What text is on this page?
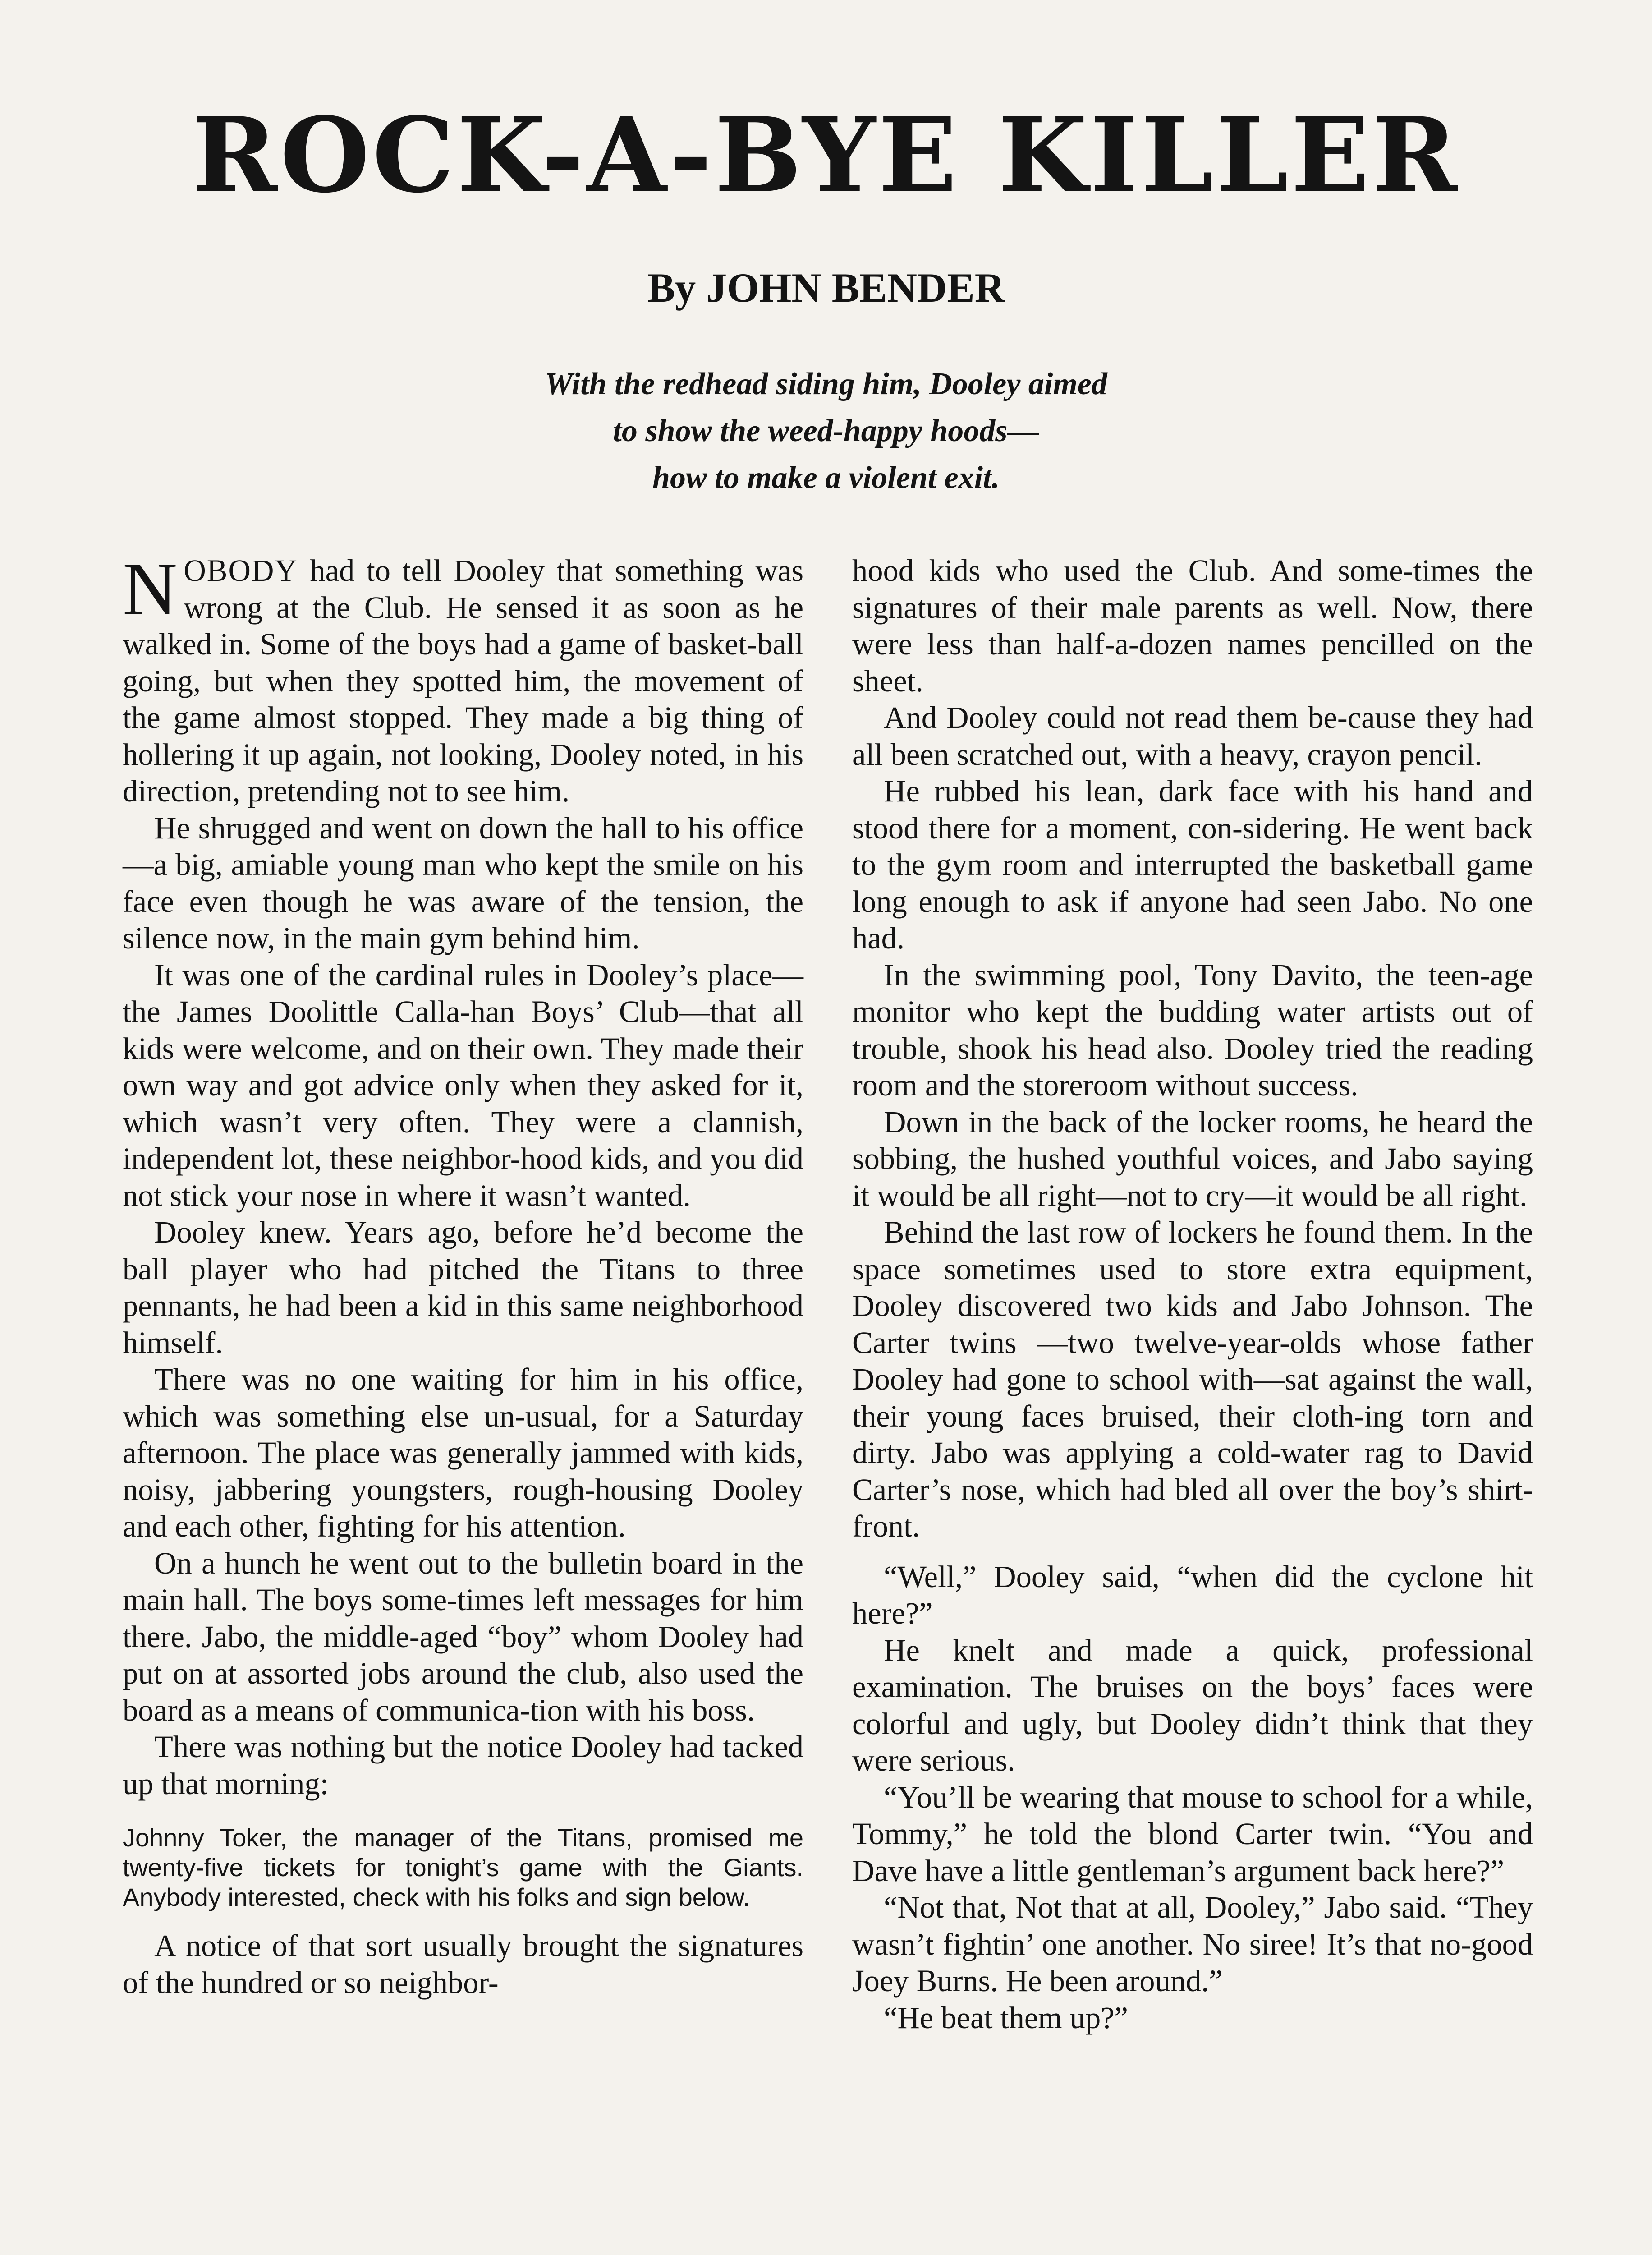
ROCK-A-BYE KILLER
By JOHN BENDER
With the redhead siding him, Dooley aimed
to show the weed-happy hoods—
how to make a violent exit.

NOBODY had to tell Dooley that something was wrong at the Club. He sensed it as soon as he walked in. Some of the boys had a game of basket-ball going, but when they spotted him, the movement of the game almost stopped. They made a big thing of hollering it up again, not looking, Dooley noted, in his direction, pretending not to see him.

He shrugged and went on down the hall to his office—a big, amiable young man who kept the smile on his face even though he was aware of the tension, the silence now, in the main gym behind him.

It was one of the cardinal rules in Dooley’s place—the James Doolittle Calla-han Boys’ Club—that all kids were welcome, and on their own. They made their own way and got advice only when they asked for it, which wasn’t very often. They were a clannish, independent lot, these neighbor-hood kids, and you did not stick your nose in where it wasn’t wanted.

Dooley knew. Years ago, before he’d become the ball player who had pitched the Titans to three pennants, he had been a kid in this same neighborhood himself.

There was no one waiting for him in his office, which was something else un-usual, for a Saturday afternoon. The place was generally jammed with kids, noisy, jabbering youngsters, rough-housing Dooley and each other, fighting for his attention.

On a hunch he went out to the bulletin board in the main hall. The boys some-times left messages for him there. Jabo, the middle-aged “boy” whom Dooley had put on at assorted jobs around the club, also used the board as a means of communica-tion with his boss.

There was nothing but the notice Dooley had tacked up that morning:

Johnny Toker, the manager of the Titans, promised me twenty-five tickets for tonight’s game with the Giants. Anybody interested, check with his folks and sign below.

A notice of that sort usually brought the signatures of the hundred or so neighbor-

hood kids who used the Club. And some-times the signatures of their male parents as well. Now, there were less than half-a-dozen names pencilled on the sheet.

And Dooley could not read them be-cause they had all been scratched out, with a heavy, crayon pencil.

He rubbed his lean, dark face with his hand and stood there for a moment, con-sidering. He went back to the gym room and interrupted the basketball game long enough to ask if anyone had seen Jabo. No one had.

In the swimming pool, Tony Davito, the teen-age monitor who kept the budding water artists out of trouble, shook his head also. Dooley tried the reading room and the storeroom without success.

Down in the back of the locker rooms, he heard the sobbing, the hushed youthful voices, and Jabo saying it would be all right—not to cry—it would be all right.

Behind the last row of lockers he found them. In the space sometimes used to store extra equipment, Dooley discovered two kids and Jabo Johnson. The Carter twins —two twelve-year-olds whose father Dooley had gone to school with—sat against the wall, their young faces bruised, their cloth-ing torn and dirty. Jabo was applying a cold-water rag to David Carter’s nose, which had bled all over the boy’s shirt-front.

“Well,” Dooley said, “when did the cyclone hit here?”

He knelt and made a quick, professional examination. The bruises on the boys’ faces were colorful and ugly, but Dooley didn’t think that they were serious.

“You’ll be wearing that mouse to school for a while, Tommy,” he told the blond Carter twin. “You and Dave have a little gentleman’s argument back here?”

“Not that, Not that at all, Dooley,” Jabo said. “They wasn’t fightin’ one another. No siree! It’s that no-good Joey Burns. He been around.”

“He beat them up?”
